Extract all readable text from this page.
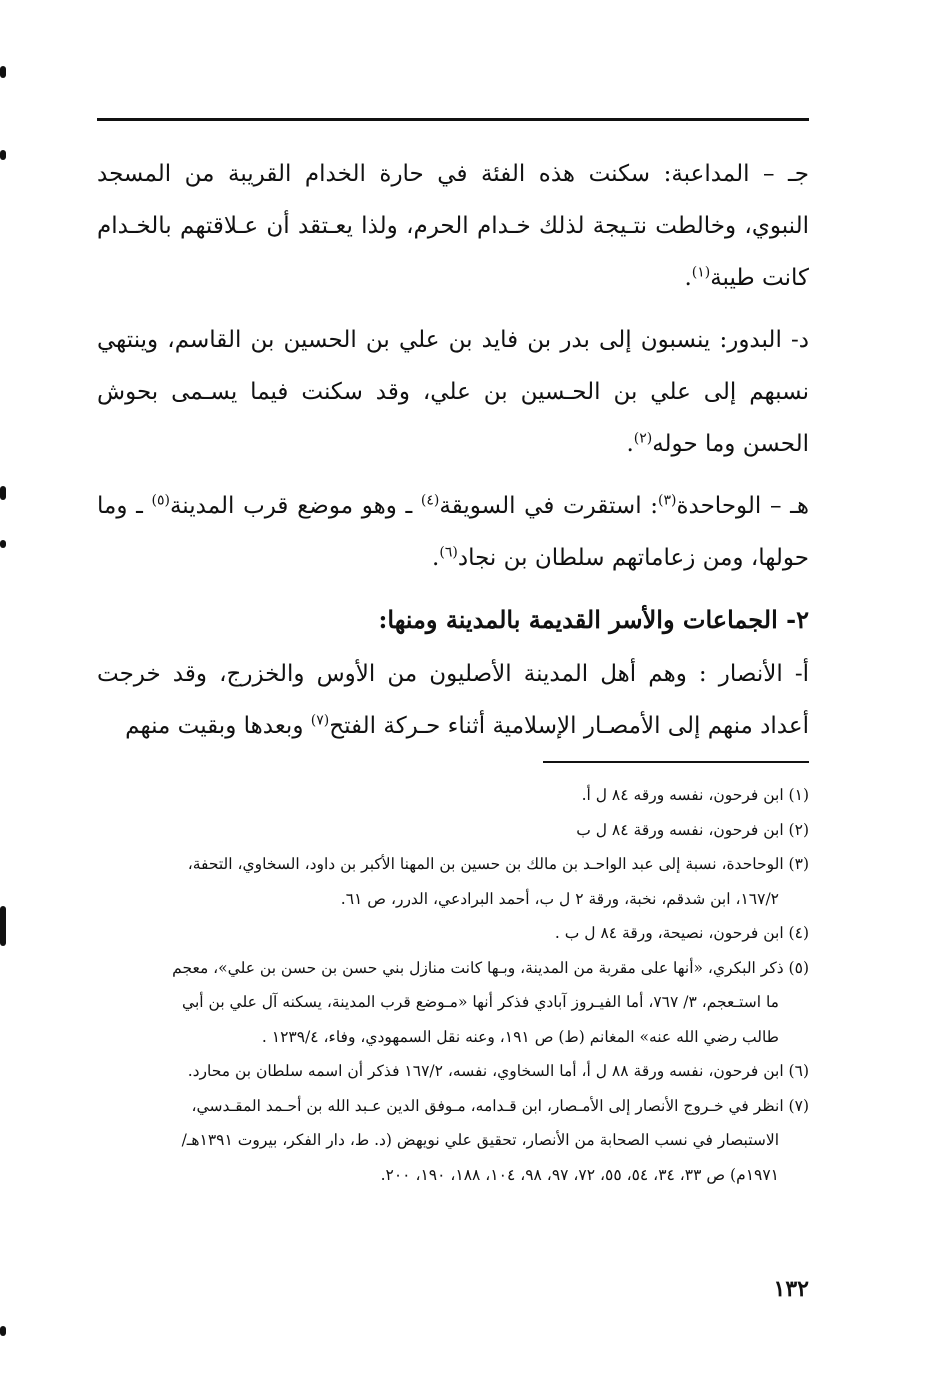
جـ – المداعبة: سكنت هذه الفئة في حارة الخدام القريبة من المسجد النبوي، وخالطت نتـيجة لذلك خـدام الحرم، ولذا يعـتقد أن عـلاقتهم بالخـدام كانت طيبة$^{(١)}$.

د- البدور: ينسبون إلى بدر بن فايد بن علي بن الحسين بن القاسم، وينتهي نسبهم إلى علي بن الحـسين بن علي، وقد سكنت فيما يسـمى بحوش الحسن وما حوله$^{(٢)}$.

هـ – الوحاحدة$^{(٣)}$: استقرت في السويقة$^{(٤)}$ ـ وهو موضع قرب المدينة$^{(٥)}$ ـ وما حولها، ومن زعاماتهم سلطان بن نجاد$^{(٦)}$.

٢- الجماعات والأسر القديمة بالمدينة ومنها:

أ- الأنصار : وهم أهل المدينة الأصليون من الأوس والخزرج، وقد خرجت أعداد منهم إلى الأمصـار الإسلامية أثناء حـركة الفتح$^{(٧)}$ وبعدها وبقيت منهم

(١) ابن فرحون، نفسه ورقه ٨٤ ل أ.

(٢) ابن فرحون، نفسه ورقة ٨٤ ل ب

(٣) الوحاحدة، نسبة إلى عبد الواحـد بن مالك بن حسين بن المهنا الأكبر بن داود، السخاوي، التحفة،
١٦٧/٢، ابن شدقم، نخبة، ورقة ٢ ل ب، أحمد البرادعي، الدرر، ص ٦١.

(٤) ابن فرحون، نصيحة، ورقة ٨٤ ل ب .

(٥) ذكر البكري، «أنها على مقربة من المدينة، وبـها كانت منازل بني حسن بن حسن بن علي»، معجم
ما استـعجم، ٣/ ٧٦٧، أما الفيـروز آبادي فذكر أنها «مـوضع قرب المدينة، يسكنه آل علي بن أبي
طالب رضي الله عنه» المغانم (ط) ص ١٩١، وعنه نقل السمهودي، وفاء، ١٢٣٩/٤ .

(٦) ابن فرحون، نفسه ورقة ٨٨ ل أ، أما السخاوي، نفسه، ١٦٧/٢ فذكر أن اسمه سلطان بن محارد.

(٧) انظر في خـروج الأنصار إلى الأمـصار، ابن قـدامه، مـوفق الدين عـبد الله بن أحـمد المقـدسي،
الاستبصار في نسب الصحابة من الأنصار، تحقيق علي نويهض (د. ط، دار الفكر، بيروت ١٣٩١هـ/
١٩٧١م) ص ٣٣، ٣٤، ٥٤، ٥٥، ٧٢، ٩٧، ٩٨، ١٠٤، ١٨٨، ١٩٠، ٢٠٠.

١٣٢
